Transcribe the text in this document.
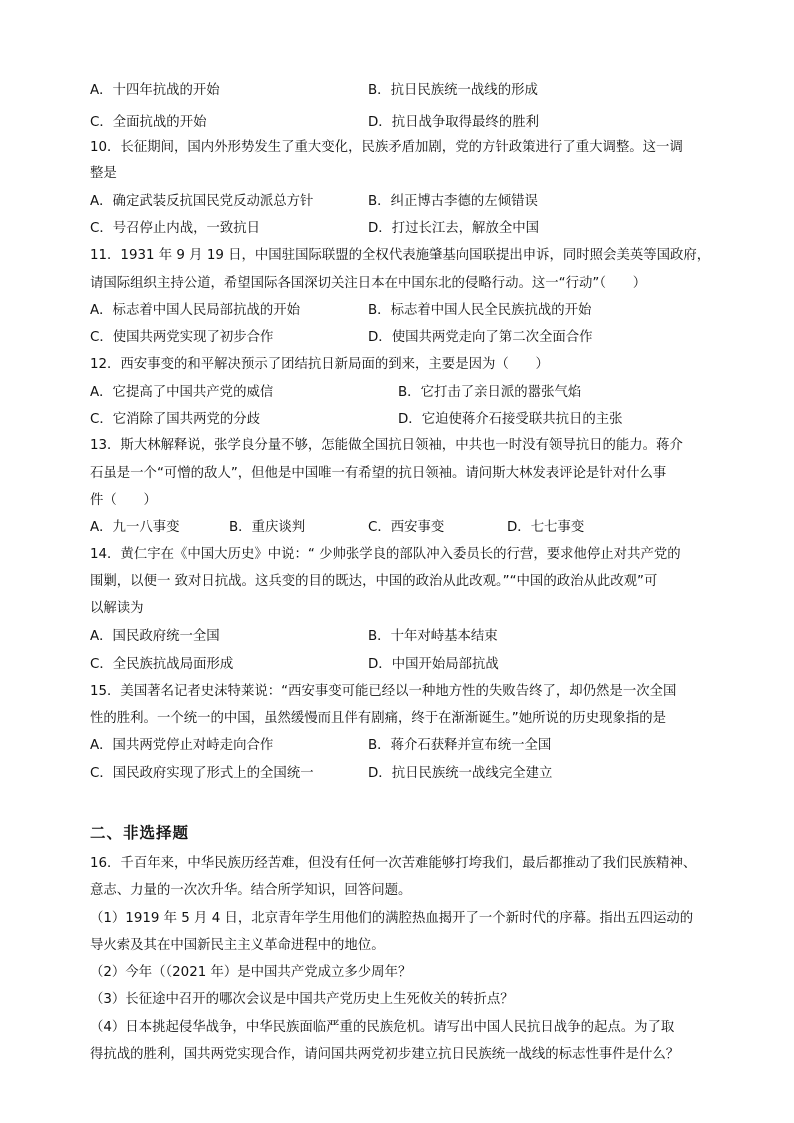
A．十四年抗战的开始	B．抗日民族统一战线的形成
C．全面抗战的开始	D．抗日战争取得最终的胜利
10．长征期间，国内外形势发生了重大变化，民族矛盾加剧，党的方针政策进行了重大调整。这一调
整是
A．确定武装反抗国民党反动派总方针	B．纠正博古李德的左倾错误
C．号召停止内战，一致抗日	D．打过长江去，解放全中国
11．1931 年 9 月 19 日，中国驻国际联盟的全权代表施肇基向国联提出申诉，同时照会美英等国政府，
请国际组织主持公道，希望国际各国深切关注日本在中国东北的侵略行动。这一“行动”（　　）
A．标志着中国人民局部抗战的开始	B．标志着中国人民全民族抗战的开始
C．使国共两党实现了初步合作	D．使国共两党走向了第二次全面合作
12．西安事变的和平解决预示了团结抗日新局面的到来，主要是因为（　　）
A．它提高了中国共产党的威信	B．它打击了亲日派的嚣张气焰
C．它消除了国共两党的分歧	D．它迫使蒋介石接受联共抗日的主张
13．斯大林解释说，张学良分量不够，怎能做全国抗日领袖，中共也一时没有领导抗日的能力。蒋介
石虽是一个“可憎的敌人”，但他是中国唯一有希望的抗日领袖。请问斯大林发表评论是针对什么事
件（　　）
A．九一八事变	B．重庆谈判	C．西安事变	D．七七事变
14．黄仁宇在《中国大历史》中说：“ 少帅张学良的部队冲入委员长的行营，要求他停止对共产党的
围剿，以便一 致对日抗战。这兵变的目的既达，中国的政治从此改观。”“中国的政治从此改观”可
以解读为
A．国民政府统一全国	B．十年对峙基本结束
C．全民族抗战局面形成	D．中国开始局部抗战
15．美国著名记者史沫特莱说：“西安事变可能已经以一种地方性的失败告终了，却仍然是一次全国
性的胜利。一个统一的中国，虽然缓慢而且伴有剧痛，终于在渐渐诞生。”她所说的历史现象指的是
A．国共两党停止对峙走向合作	B．蒋介石获释并宣布统一全国
C．国民政府实现了形式上的全国统一	D．抗日民族统一战线完全建立
二、非选择题
16．千百年来，中华民族历经苦难，但没有任何一次苦难能够打垮我们，最后都推动了我们民族精神、
意志、力量的一次次升华。结合所学知识，回答问题。
（1）1919 年 5 月 4 日，北京青年学生用他们的满腔热血揭开了一个新时代的序幕。指出五四运动的
导火索及其在中国新民主主义革命进程中的地位。
（2）今年（（2021 年）是中国共产党成立多少周年？
（3）长征途中召开的哪次会议是中国共产党历史上生死攸关的转折点？
（4）日本挑起侵华战争，中华民族面临严重的民族危机。请写出中国人民抗日战争的起点。为了取
得抗战的胜利，国共两党实现合作，请问国共两党初步建立抗日民族统一战线的标志性事件是什么？
